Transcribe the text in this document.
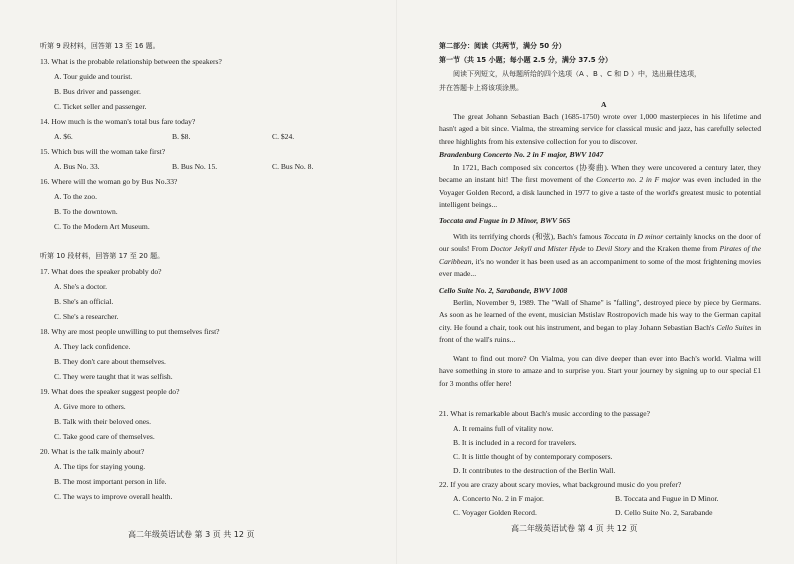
听第 9 段材料，回答第 13 至 16 题。
13. What is the probable relationship between the speakers?
A. Tour guide and tourist.
B. Bus driver and passenger.
C. Ticket seller and passenger.
14. How much is the woman's total bus fare today?
A. $6.	B. $8.	C. $24.
15. Which bus will the woman take first?
A. Bus No. 33.	B. Bus No. 15.	C. Bus No. 8.
16. Where will the woman go by Bus No.33?
A. To the zoo.
B. To the downtown.
C. To the Modern Art Museum.
听第 10 段材料，回答第 17 至 20 题。
17. What does the speaker probably do?
A. She's a doctor.
B. She's an official.
C. She's a researcher.
18. Why are most people unwilling to put themselves first?
A. They lack confidence.
B. They don't care about themselves.
C. They were taught that it was selfish.
19. What does the speaker suggest people do?
A. Give more to others.
B. Talk with their beloved ones.
C. Take good care of themselves.
20. What is the talk mainly about?
A. The tips for staying young.
B. The most important person in life.
C. The ways to improve overall health.
高二年级英语试卷 第 3 页 共 12 页
第二部分：阅读（共两节，满分 50 分）
第一节（共 15 小题；每小题 2.5 分，满分 37.5 分）
阅读下列短文，从每题所给的四个选项（A 、B 、C 和 D ）中，选出最佳选项，
并在答题卡上将该项涂黑。
A
The great Johann Sebastian Bach (1685-1750) wrote over 1,000 masterpieces in his lifetime and hasn't aged a bit since. Vialma, the streaming service for classical music and jazz, has carefully selected three highlights from his extensive collection for you to discover.
Brandenburg Concerto No. 2 in F major, BWV 1047
In 1721, Bach composed six concertos (协奏曲). When they were uncovered a century later, they became an instant hit! The first movement of the Concerto no. 2 in F major was even included in the Voyager Golden Record, a disk launched in 1977 to give a taste of the world's greatest music to potential intelligent beings...
Toccata and Fugue in D Minor, BWV 565
With its terrifying chords (和弦), Bach's famous Toccata in D minor certainly knocks on the door of our souls! From Doctor Jekyll and Mister Hyde to Devil Story and the Kraken theme from Pirates of the Caribbean, it's no wonder it has been used as an accompaniment to some of the most frightening movies ever made...
Cello Suite No. 2, Sarabande, BWV 1008
Berlin, November 9, 1989. The "Wall of Shame" is "falling", destroyed piece by piece by Germans. As soon as he learned of the event, musician Mstislav Rostropovich made his way to the German capital city. He found a chair, took out his instrument, and began to play Johann Sebastian Bach's Cello Suites in front of the wall's ruins...
Want to find out more? On Vialma, you can dive deeper than ever into Bach's world. Vialma will have something in store to amaze and to surprise you. Start your journey by signing up to our special £1 for 3 months offer here!
21. What is remarkable about Bach's music according to the passage?
A. It remains full of vitality now.
B. It is included in a record for travelers.
C. It is little thought of by contemporary composers.
D. It contributes to the destruction of the Berlin Wall.
22. If you are crazy about scary movies, what background music do you prefer?
A. Concerto No. 2 in F major.	B. Toccata and Fugue in D Minor.
C. Voyager Golden Record.	D. Cello Suite No. 2, Sarabande
高二年级英语试卷 第 4 页 共 12 页
